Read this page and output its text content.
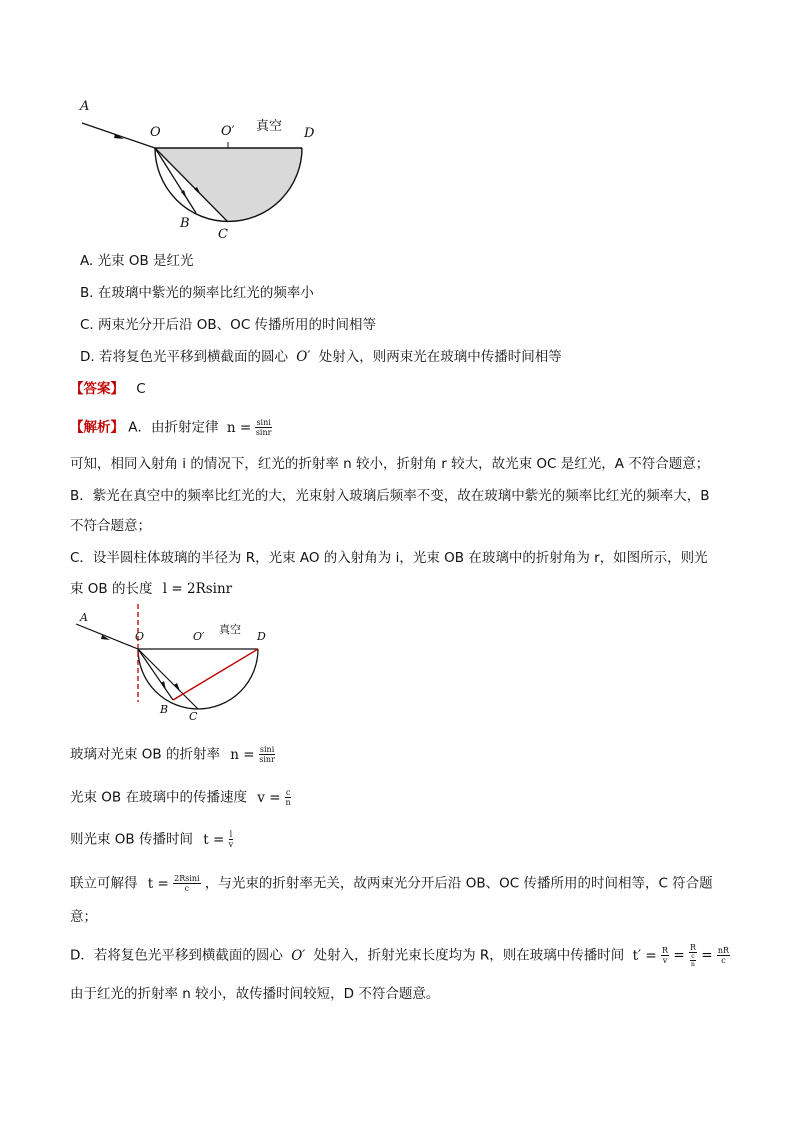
A
O	O′ 真空 D
B
C
A. 光束 OB 是红光
B. 在玻璃中紫光的频率比红光的频率小
C. 两束光分开后沿 OB、OC 传播所用的时间相等
D. 若将复色光平移到横截面的圆心 O′ 处射入，则两束光在玻璃中传播时间相等
【答案】 C
【解析】 A．由折射定律 $n = \frac{\sin i}{\sin r}$
可知，相同入射角 i 的情况下，红光的折射率 n 较小，折射角 r 较大，故光束 OC 是红光，A 不符合题意；
B．紫光在真空中的频率比红光的大，光束射入玻璃后频率不变，故在玻璃中紫光的频率比红光的频率大，B
不符合题意；
C．设半圆柱体玻璃的半径为 R，光束 AO 的入射角为 i，光束 OB 在玻璃中的折射角为 r，如图所示，则光
束 OB 的长度 l = 2Rsinr
A
O	O′
真空
D
B
C
玻璃对光束 OB 的折射率 $n = \frac{\sin i}{\sin r}$
光束 OB 在玻璃中的传播速度 $v = \frac{c}{n}$
则光束 OB 传播时间 $t = \frac{l}{v}$
联立可解得 $t = \frac{2Rsini}{c}$ ，与光束的折射率无关，故两束光分开后沿 OB、OC 传播所用的时间相等，C 符合题
意；
D．若将复色光平移到横截面的圆心 O′ 处射入，折射光束长度均为 R，则在玻璃中传播时间 $t' = \frac{R}{v} = \frac{R}{\frac{c}{n}} = \frac{nR}{c}$
由于红光的折射率 n 较小，故传播时间较短，D 不符合题意。
